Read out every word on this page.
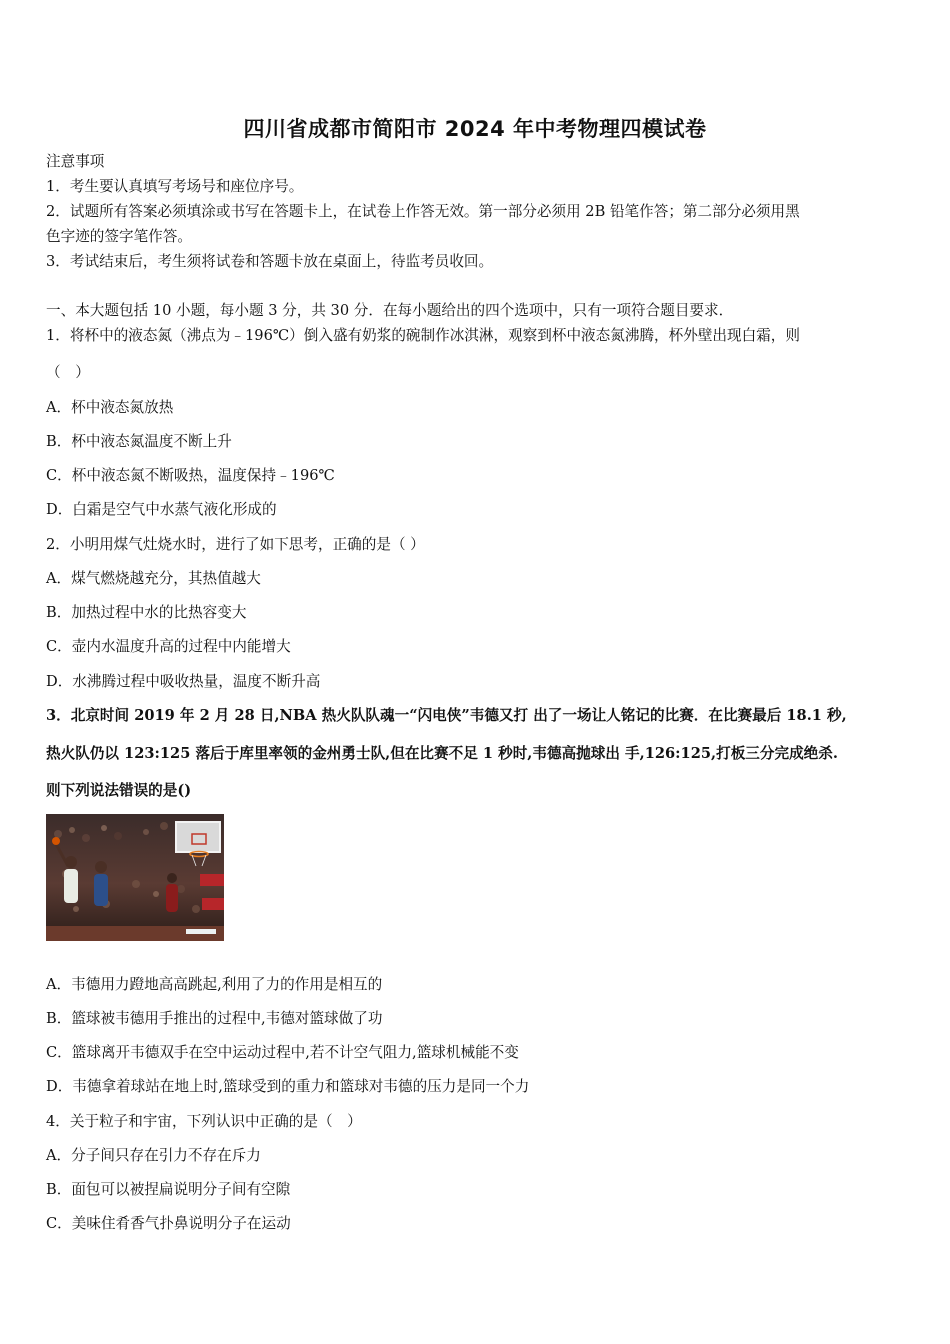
四川省成都市简阳市 2024 年中考物理四模试卷
注意事项
1．考生要认真填写考场号和座位序号。
2．试题所有答案必须填涂或书写在答题卡上，在试卷上作答无效。第一部分必须用 2B 铅笔作答；第二部分必须用黑
色字迹的签字笔作答。
3．考试结束后，考生须将试卷和答题卡放在桌面上，待监考员收回。
一、本大题包括 10 小题，每小题 3 分，共 30 分．在每小题给出的四个选项中，只有一项符合题目要求．
1．将杯中的液态氮（沸点为﹣196℃）倒入盛有奶浆的碗制作冰淇淋，观察到杯中液态氮沸腾，杯外壁出现白霜，则
（　）
A．杯中液态氮放热
B．杯中液态氮温度不断上升
C．杯中液态氮不断吸热，温度保持﹣196℃
D．白霜是空气中水蒸气液化形成的
2．小明用煤气灶烧水时，进行了如下思考，正确的是（ ）
A．煤气燃烧越充分，其热值越大
B．加热过程中水的比热容变大
C．壶内水温度升高的过程中内能增大
D．水沸腾过程中吸收热量，温度不断升高
3．北京时间 2019 年 2 月 28 日,NBA 热火队队魂一“闪电侠”韦德又打 出了一场让人铭记的比赛．在比赛最后 18.1 秒,
热火队仍以 123:125 落后于库里率领的金州勇士队,但在比赛不足 1 秒时,韦德高抛球出 手,126:125,打板三分完成绝杀.
则下列说法错误的是()
A．韦德用力蹬地高高跳起,利用了力的作用是相互的
B．篮球被韦德用手推出的过程中,韦德对篮球做了功
C．篮球离开韦德双手在空中运动过程中,若不计空气阻力,篮球机械能不变
D．韦德拿着球站在地上时,篮球受到的重力和篮球对韦德的压力是同一个力
4．关于粒子和宇宙，下列认识中正确的是（　）
A．分子间只存在引力不存在斥力
B．面包可以被捏扁说明分子间有空隙
C．美味住肴香气扑鼻说明分子在运动
